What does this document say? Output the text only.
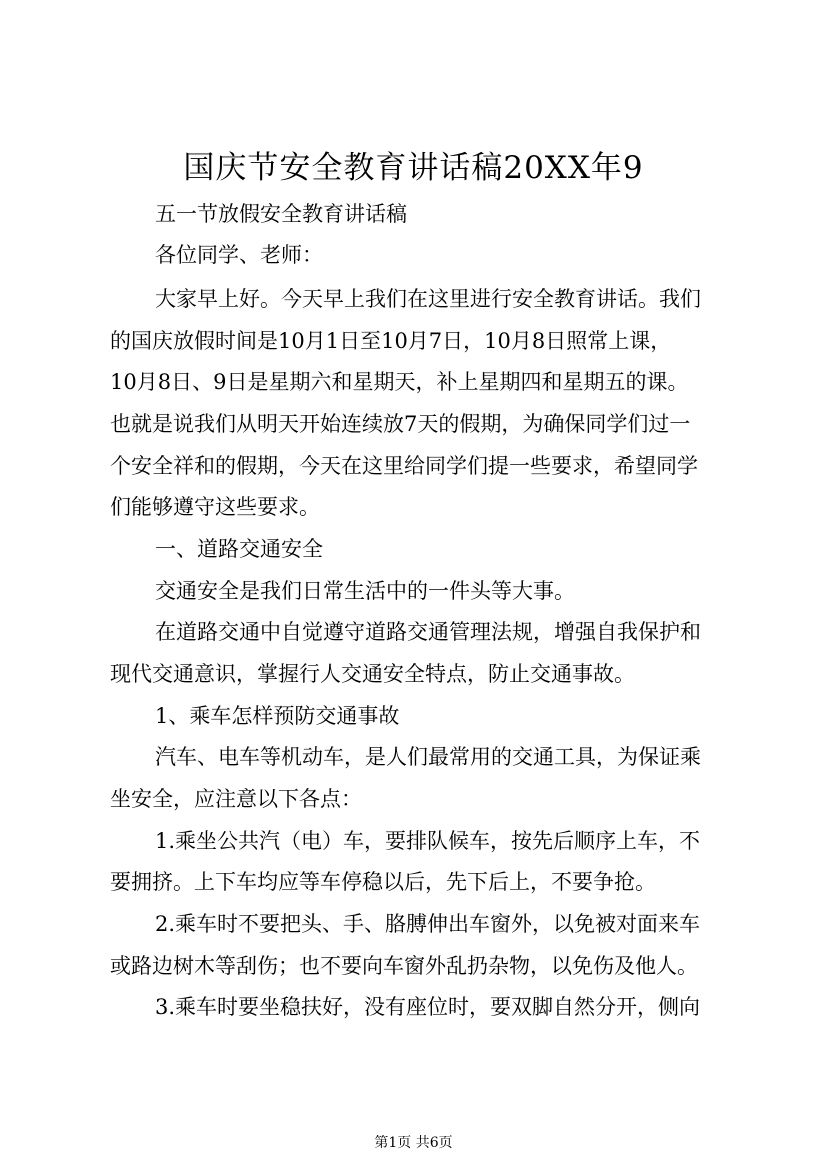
国庆节安全教育讲话稿20XX年9
五一节放假安全教育讲话稿
各位同学、老师：
大家早上好。今天早上我们在这里进行安全教育讲话。我们
的国庆放假时间是10月1日至10月7日，10月8日照常上课，
10月8日、9日是星期六和星期天，补上星期四和星期五的课。
也就是说我们从明天开始连续放7天的假期，为确保同学们过一
个安全祥和的假期，今天在这里给同学们提一些要求，希望同学
们能够遵守这些要求。
一、道路交通安全
交通安全是我们日常生活中的一件头等大事。
在道路交通中自觉遵守道路交通管理法规，增强自我保护和
现代交通意识，掌握行人交通安全特点，防止交通事故。
1、乘车怎样预防交通事故
汽车、电车等机动车，是人们最常用的交通工具，为保证乘
坐安全，应注意以下各点：
1.乘坐公共汽（电）车，要排队候车，按先后顺序上车，不
要拥挤。上下车均应等车停稳以后，先下后上，不要争抢。
2.乘车时不要把头、手、胳膊伸出车窗外，以免被对面来车
或路边树木等刮伤；也不要向车窗外乱扔杂物，以免伤及他人。
3.乘车时要坐稳扶好，没有座位时，要双脚自然分开，侧向
第1页 共6页
